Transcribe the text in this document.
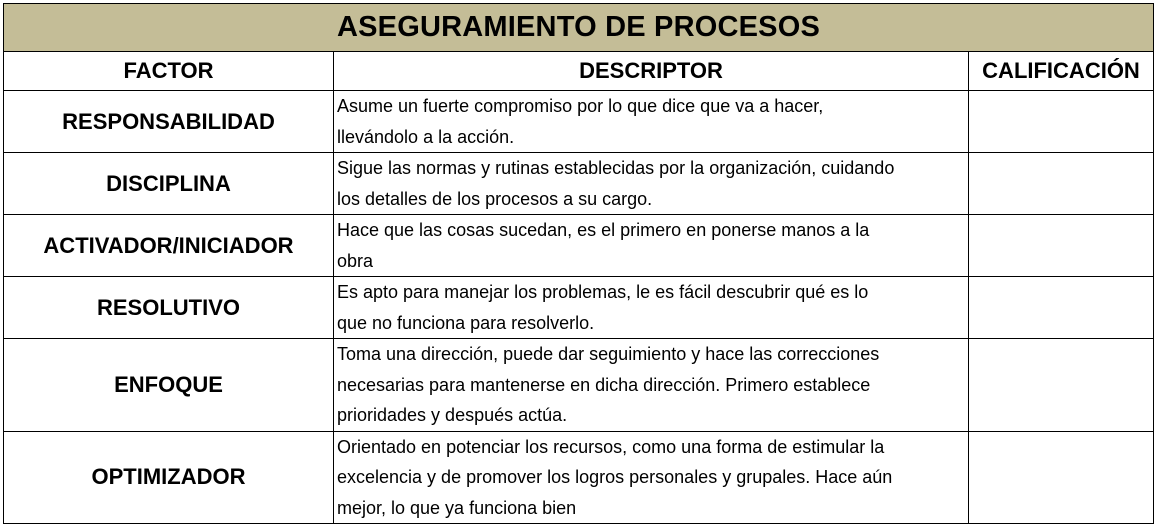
ASEGURAMIENTO DE PROCESOS		
FACTOR	DESCRIPTOR	CALIFICACIÓN
RESPONSABILIDAD	Asume un fuerte compromiso por lo que dice que va a hacer,
llevándolo a la acción.	
DISCIPLINA	Sigue las normas y rutinas establecidas por la organización, cuidando
los detalles de los procesos a su cargo.	
ACTIVADOR/INICIADOR	Hace que las cosas sucedan, es el primero en ponerse manos a la
obra	
RESOLUTIVO	Es apto para manejar los problemas, le es fácil descubrir qué es lo
que no funciona para resolverlo.	
ENFOQUE	Toma una dirección, puede dar seguimiento y hace las correcciones
necesarias para mantenerse en dicha dirección. Primero establece
prioridades y después actúa.	
OPTIMIZADOR	Orientado en potenciar los recursos, como una forma de estimular la
excelencia y de promover los logros personales y grupales. Hace aún
mejor, lo que ya funciona bien	
